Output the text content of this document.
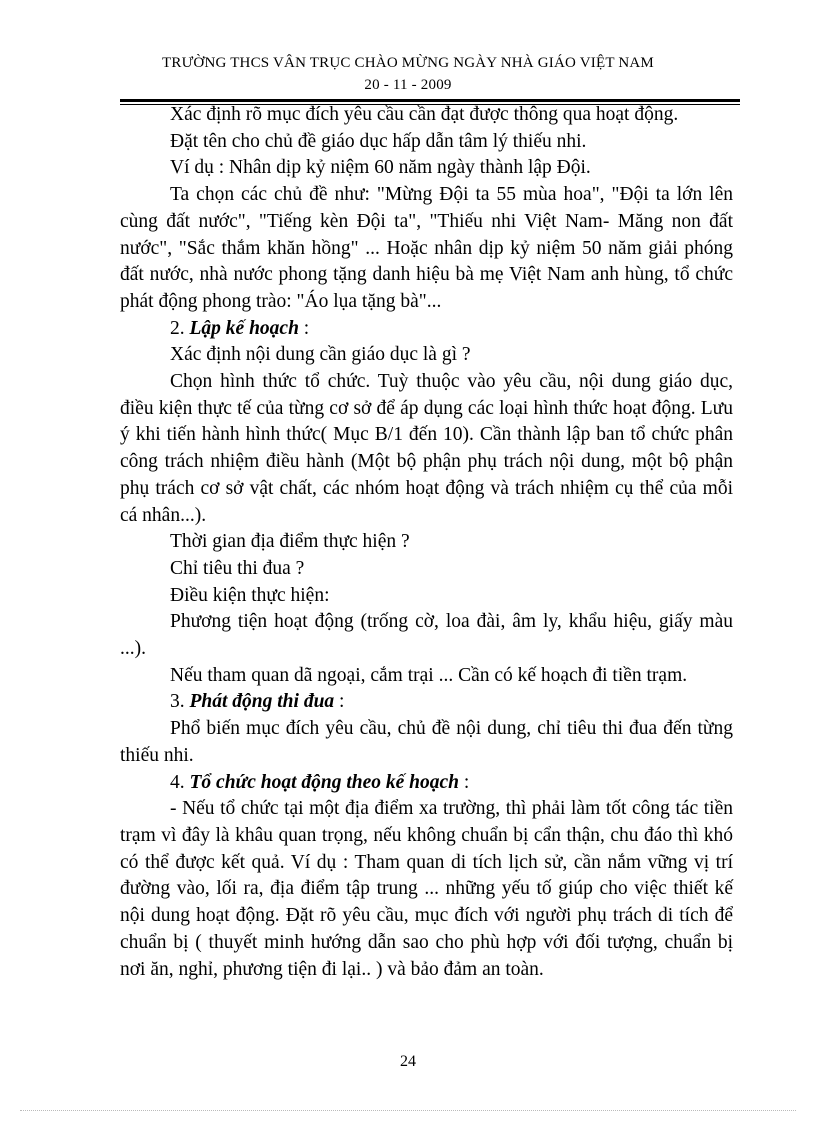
TRƯỜNG THCS VÂN TRỤC CHÀO MỪNG NGÀY NHÀ GIÁO VIỆT NAM
20 - 11 - 2009

Xác định rõ mục đích yêu cầu cần đạt được thông qua hoạt động.

Đặt tên cho chủ đề giáo dục hấp dẫn tâm lý thiếu nhi.

Ví dụ : Nhân dịp kỷ niệm 60 năm ngày thành lập Đội.

Ta chọn các chủ đề như: "Mừng Đội ta 55 mùa hoa", "Đội ta lớn lên cùng đất nước", "Tiếng kèn Đội ta", "Thiếu nhi Việt Nam- Măng non đất nước", "Sắc thắm khăn hồng" ... Hoặc nhân dịp kỷ niệm 50 năm giải phóng đất nước, nhà nước phong tặng danh hiệu bà mẹ Việt Nam anh hùng, tổ chức phát động phong trào: "Áo lụa tặng bà"...

2. Lập kế hoạch :

Xác định nội dung cần giáo dục là gì ?

Chọn hình thức tổ chức. Tuỳ thuộc vào yêu cầu, nội dung giáo dục, điều kiện thực tế của từng cơ sở để áp dụng các loại hình thức hoạt động. Lưu ý khi tiến hành hình thức( Mục B/1 đến 10). Cần thành lập ban tổ chức phân công trách nhiệm điều hành (Một bộ phận phụ trách nội dung, một bộ phận phụ trách cơ sở vật chất, các nhóm hoạt động và trách nhiệm cụ thể của mỗi cá nhân...).

Thời gian địa điểm thực hiện ?

Chỉ tiêu thi đua ?

Điều kiện thực hiện:

Phương tiện hoạt động (trống cờ, loa đài, âm ly, khẩu hiệu, giấy màu ...).

Nếu tham quan dã ngoại, cắm trại ... Cần có kế hoạch đi tiền trạm.

3. Phát động thi đua :

Phổ biến mục đích yêu cầu, chủ đề nội dung, chỉ tiêu thi đua đến từng thiếu nhi.

4. Tổ chức hoạt động theo kế hoạch :

- Nếu tổ chức tại một địa điểm xa trường, thì phải làm tốt công tác tiền trạm vì đây là khâu quan trọng, nếu không chuẩn bị cẩn thận, chu đáo thì khó có thể được kết quả. Ví dụ : Tham quan di tích lịch sử, cần nắm vững vị trí đường vào, lối ra, địa điểm tập trung ... những yếu tố giúp cho việc thiết kế nội dung hoạt động. Đặt rõ yêu cầu, mục đích với người phụ trách di tích để chuẩn bị ( thuyết minh hướng dẫn sao cho phù hợp với đối tượng, chuẩn bị nơi ăn, nghỉ, phương tiện đi lại.. ) và bảo đảm an toàn.

24
